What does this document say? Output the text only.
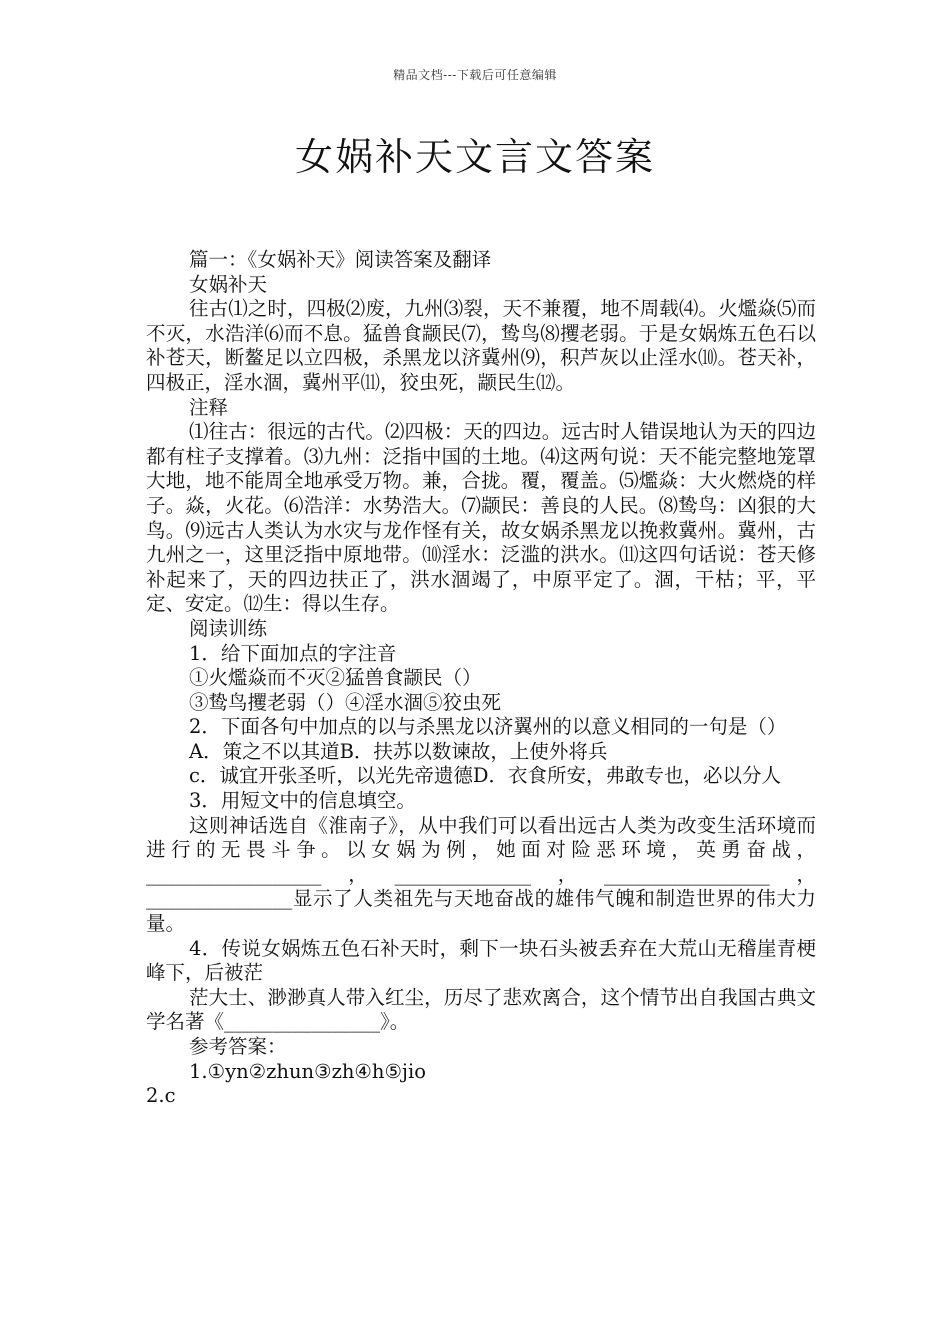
精品文档---下载后可任意编辑
女娲补天文言文答案

篇一：《女娲补天》阅读答案及翻译

女娲补天

往古⑴之时，四极⑵废，九州⑶裂，天不兼覆，地不周载⑷。火爁焱⑸而不灭，水浩洋⑹而不息。猛兽食颛民⑺，鸷鸟⑻攫老弱。于是女娲炼五色石以补苍天，断鳌足以立四极，杀黑龙以济冀州⑼，积芦灰以止淫水⑽。苍天补，四极正，淫水涸，冀州平⑾，狡虫死，颛民生⑿。

注释

⑴往古：很远的古代。⑵四极：天的四边。远古时人错误地认为天的四边都有柱子支撑着。⑶九州：泛指中国的土地。⑷这两句说：天不能完整地笼罩大地，地不能周全地承受万物。兼，合拢。覆，覆盖。⑸爁焱：大火燃烧的样子。焱，火花。⑹浩洋：水势浩大。⑺颛民：善良的人民。⑻鸷鸟：凶狠的大鸟。⑼远古人类认为水灾与龙作怪有关，故女娲杀黑龙以挽救冀州。冀州，古九州之一，这里泛指中原地带。⑽淫水：泛滥的洪水。⑾这四句话说：苍天修补起来了，天的四边扶正了，洪水涸竭了，中原平定了。涸，干枯；平，平定、安定。⑿生：得以生存。

阅读训练

1．给下面加点的字注音

①火爁焱而不灭②猛兽食颛民（）

③鸷鸟攫老弱（）④淫水涸⑤狡虫死

2．下面各句中加点的以与杀黑龙以济翼州的以意义相同的一句是（）

A．策之不以其道B．扶苏以数谏故，上使外将兵

c．诚宜开张圣听，以光先帝遗德D．衣食所安，弗敢专也，必以分人

3．用短文中的信息填空。

这则神话选自《淮南子》，从中我们可以看出远古人类为改变生活环境而进行的无畏斗争。以女娲为例，她面对险恶环境，英勇奋战，__________________，______________，_________________，_______________显示了人类祖先与天地奋战的雄伟气魄和制造世界的伟大力量。

4．传说女娲炼五色石补天时，剩下一块石头被丢弃在大荒山无稽崖青梗峰下，后被茫

茫大士、渺渺真人带入红尘，历尽了悲欢离合，这个情节出自我国古典文学名著《________________》。

参考答案：

1.①yn②zhun③zh④h⑤jio

2.c
